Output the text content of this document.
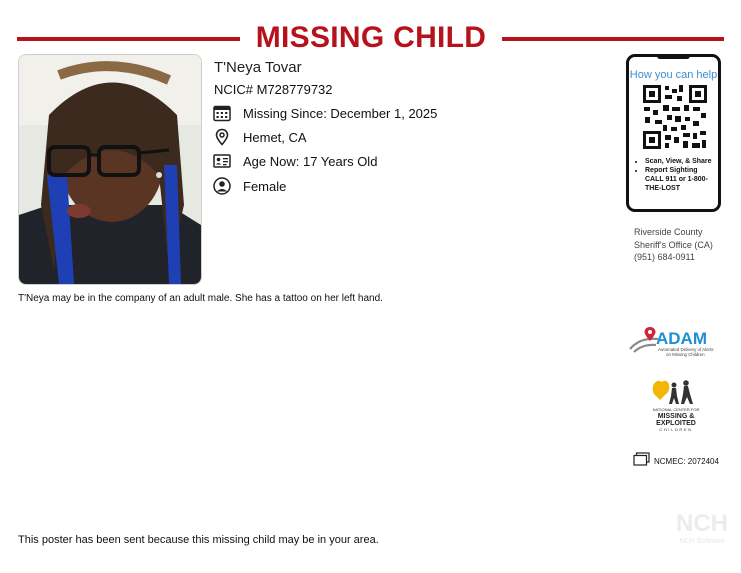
MISSING CHILD
T'Neya Tovar
NCIC# M728779732
Missing Since: December 1, 2025
Hemet, CA
Age Now: 17 Years Old
Female
How you can help
• Scan, View, & Share
• Report Sighting CALL 911 or 1-800-THE-LOST
Riverside County
Sheriff's Office (CA)
(951) 684-0911
T'Neya may be in the company of an adult male. She has a tattoo on her left hand.
ADAM
Automated Delivery of Alerts
on Missing Children
NATIONAL CENTER FOR
MISSING &
EXPLOITED
CHILDREN
NCMEC: 2072404
This poster has been sent because this missing child may be in your area.
NCH
NCH Software
